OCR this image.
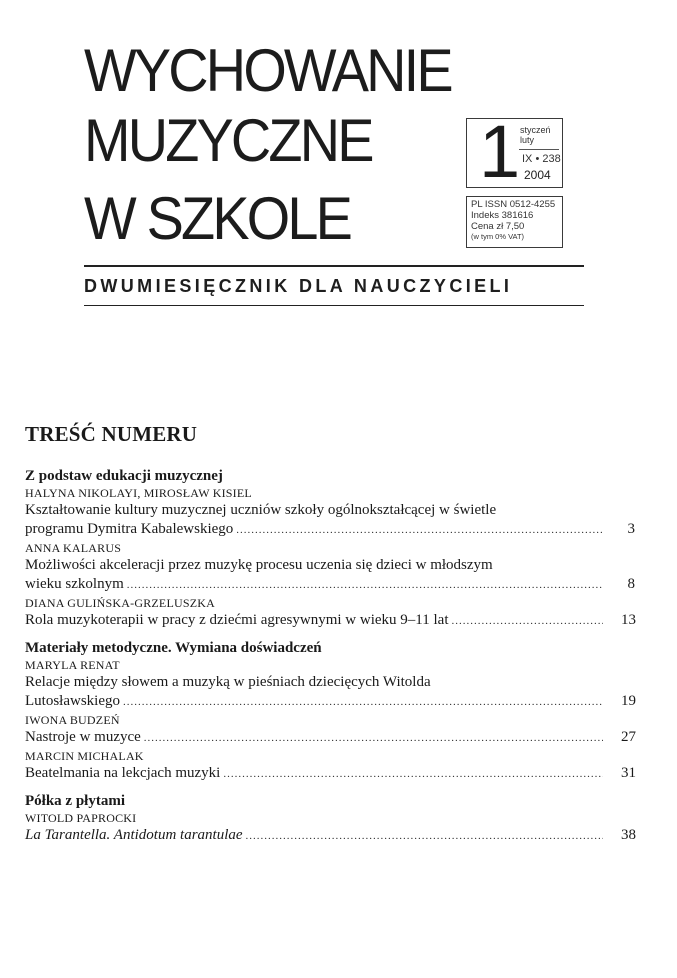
WYCHOWANIE
MUZYCZNE
W SZKOLE
1 styczeń
luty
IX • 238
2004
PL ISSN 0512-4255
Indeks 381616
Cena zł 7,50
(w tym 0% VAT)
DWUMIESIĘCZNIK DLA NAUCZYCIELI
TREŚĆ NUMERU
Z podstaw edukacji muzycznej
HALYNA NIKOLAYI, MIROSŁAW KISIEL
Kształtowanie kultury muzycznej uczniów szkoły ogólnokształcącej w świetle
programu Dymitra Kabalewskiego .....	3
ANNA KALARUS
Możliwości akceleracji przez muzykę procesu uczenia się dzieci w młodszym
wieku szkolnym .....	8
DIANA GULIŃSKA-GRZELUSZKA
Rola muzykoterapii w pracy z dziećmi agresywnymi w wieku 9–11 lat .....	13
Materiały metodyczne. Wymiana doświadczeń
MARYLA RENAT
Relacje między słowem a muzyką w pieśniach dziecięcych Witolda
Lutosławskiego .....	19
IWONA BUDZEŃ
Nastroje w muzyce .....	27
MARCIN MICHALAK
Beatelmania na lekcjach muzyki .....	31
Półka z płytami
WITOLD PAPROCKI
La Tarantella. Antidotum tarantulae .....	38
